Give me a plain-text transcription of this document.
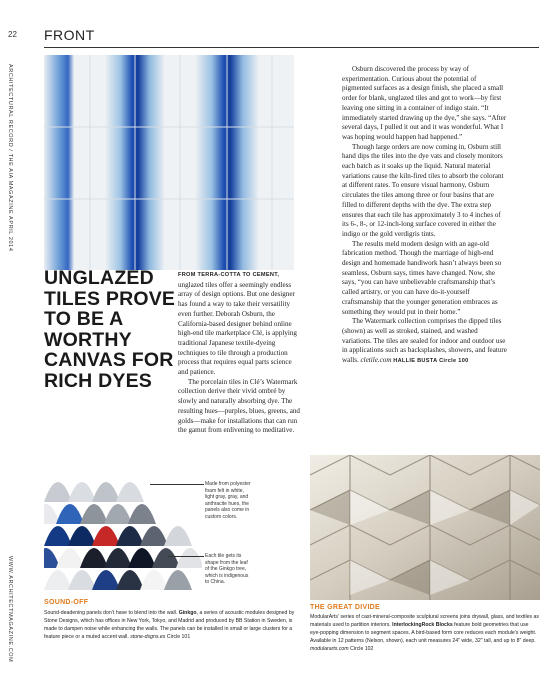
22 FRONT
ARCHITECTURAL RECORD / THE AIA MAGAZINE APRIL 2014
WWW.ARCHITECTMAGAZINE.COM
UNGLAZED TILES PROVE TO BE A WORTHY CANVAS FOR RICH DYES

FROM TERRA-COTTA TO CEMENT, unglazed tiles offer a seemingly endless array of design options. But one designer has found a way to take their versatility even further. Deborah Osburn, the California-based designer behind online high-end tile marketplace Clé, is applying traditional Japanese textile-dyeing techniques to tile through a production process that requires equal parts science and patience.

The porcelain tiles in Clé’s Watermark collection derive their vivid ombré by slowly and naturally absorbing dye. The resulting hues—purples, blues, greens, and golds—make for installations that can run the gamut from enlivening to meditative.

Osburn discovered the process by way of experimentation. Curious about the potential of pigmented surfaces as a design finish, she placed a small order for blank, unglazed tiles and got to work—by first leaving one sitting in a container of indigo stain. “It immediately started drawing up the dye,” she says. “After several days, I pulled it out and it was wonderful. What I was hoping would happen had happened.”

Though large orders are now coming in, Osburn still hand dips the tiles into the dye vats and closely monitors each batch as it soaks up the liquid. Natural material variations cause the kiln-fired tiles to absorb the colorant at different rates. To ensure visual harmony, Osburn circulates the tiles among three or four basins that are filled to different depths with the dye. The extra step ensures that each tile has approximately 3 to 4 inches of its 6-, 8-, or 12-inch-long surface covered in either the indigo or the gold verdigris tints.

The results meld modern design with an age-old fabrication method. Though the marriage of high-end design and homemade handiwork hasn’t always been so seamless, Osburn says, times have changed. Now, she says, “you can have unbelievable craftsmanship that’s called artistry, or you can have do-it-yourself craftsmanship that the younger generation embraces as something they would put in their home.”

The Watermark collection comprises the dipped tiles (shown) as well as stroked, stained, and washed variations. The tiles are sealed for indoor and outdoor use in applications such as backsplashes, showers, and feature walls. cletile.com HALLIE BUSTA Circle 100

Made from polyester foam felt in white, light gray, gray, and anthracite hues, the panels also come in custom colors.
Each tile gets its shape from the leaf of the Ginkgo tree, which is indigenous to China.
SOUND-OFF
Sound-deadening panels don’t have to blend into the wall. Ginkgo, a series of acoustic modules designed by Stone Designs, which has offices in New York, Tokyo, and Madrid and produced by BB Station in Sweden, is made to dampen noise while enhancing the walls. The panels can be installed in small or large clusters for a feature piece or a muted accent wall. stone-dsgns.es Circle 101
THE GREAT DIVIDE
ModularArts’ series of cast-mineral-composite sculptural screens joins drywall, glass, and textiles as materials used to partition interiors. InterlockingRock Blocks feature bold geometries that use eye-popping dimension to segment spaces. A bird-based form core reduces each module’s weight. Available in 12 patterns (Nelson, shown), each unit measures 24" wide, 32" tall, and up to 8" deep. modulararts.com Circle 102
